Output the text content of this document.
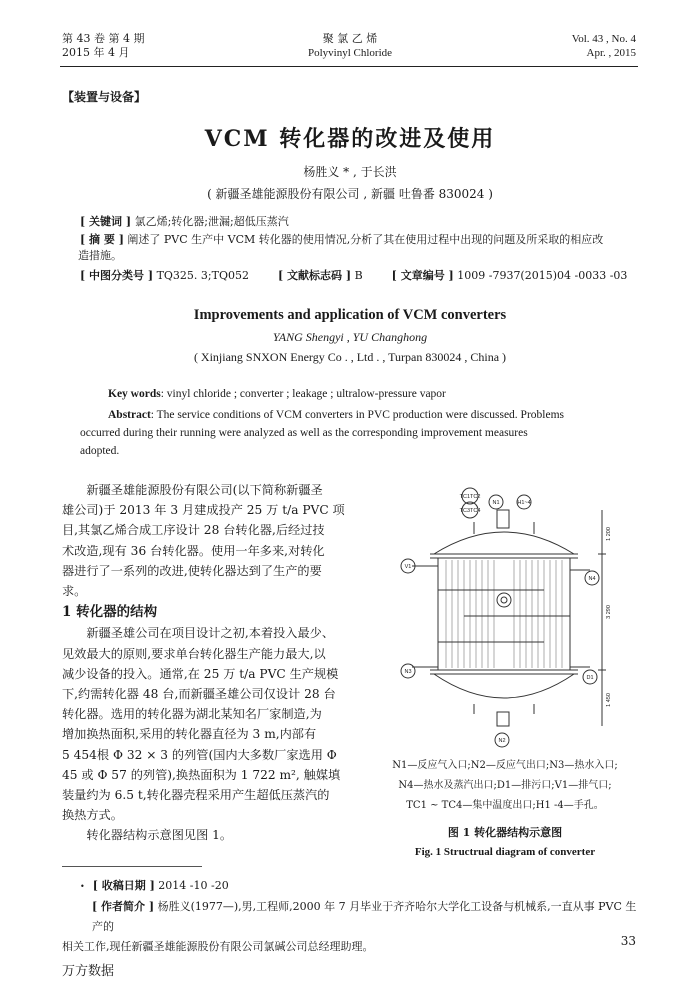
第 43 卷 第 4 期
2015 年 4 月
聚 氯 乙 烯
Polyvinyl Chloride
Vol. 43 , No. 4
Apr. , 2015
【装置与设备】
VCM 转化器的改进及使用
杨胜义 * , 于长洪
( 新疆圣雄能源股份有限公司 , 新疆 吐鲁番 830024 )
[ 关键词 ] 氯乙烯;转化器;泄漏;超低压蒸汽
[ 摘 要 ] 阐述了 PVC 生产中 VCM 转化器的使用情况,分析了其在使用过程中出现的问题及所采取的相应改
造措施。
[ 中图分类号 ] TQ325. 3;TQ052	[ 文献标志码 ] B	[ 文章编号 ] 1009 -7937(2015)04 -0033 -03
Improvements and application of VCM converters
YANG Shengyi , YU Changhong
( Xinjiang SNXON Energy Co . , Ltd . , Turpan 830024 , China )
Key words: vinyl chloride ; converter ; leakage ; ultralow-pressure vapor
Abstract: The service conditions of VCM converters in PVC production were discussed. Problems
occurred during their running were analyzed as well as the corresponding improvement measures
adopted.

新疆圣雄能源股份有限公司(以下简称新疆圣

雄公司)于 2013 年 3 月建成投产 25 万 t/a PVC 项
目,其氯乙烯合成工序设计 28 台转化器,后经过技
术改造,现有 36 台转化器。使用一年多来,对转化
器进行了一系列的改进,使转化器达到了生产的要
求。

1 转化器的结构

新疆圣雄公司在项目设计之初,本着投入最少、

见效最大的原则,要求单台转化器生产能力最大,以
减少设备的投入。通常,在 25 万 t/a PVC 生产规模
下,约需转化器 48 台,而新疆圣雄公司仅设计 28 台
转化器。选用的转化器为湖北某知名厂家制造,为
增加换热面积,采用的转化器直径为 3 m,内部有
5 454根 Φ 32 × 3 的列管(国内大多数厂家选用 Φ
45 或 Φ 57 的列管),换热面积为 1 722 m², 触媒填
装量约为 6.5 t,转化器壳程采用产生超低压蒸汽的
换热方式。

转化器结构示意图见图 1。

TC1TC2
TC3TC4
N1	H1~4
V1
N4
N3
D1
N2
1 200
3 290
1 450
N1—反应气入口;N2—反应气出口;N3—热水入口;
N4—热水及蒸汽出口;D1—排污口;V1—排气口;
TC1 ~ TC4—集中温度出口;H1 -4—手孔。
图 1 转化器结构示意图
Fig. 1 Structrual diagram of converter
• [ 收稿日期 ] 2014 -10 -20
[ 作者简介 ] 杨胜义(1977—),男,工程师,2000 年 7 月毕业于齐齐哈尔大学化工设备与机械系,一直从事 PVC 生产的
相关工作,现任新疆圣雄能源股份有限公司氯碱公司总经理助理。	33
万方数据
